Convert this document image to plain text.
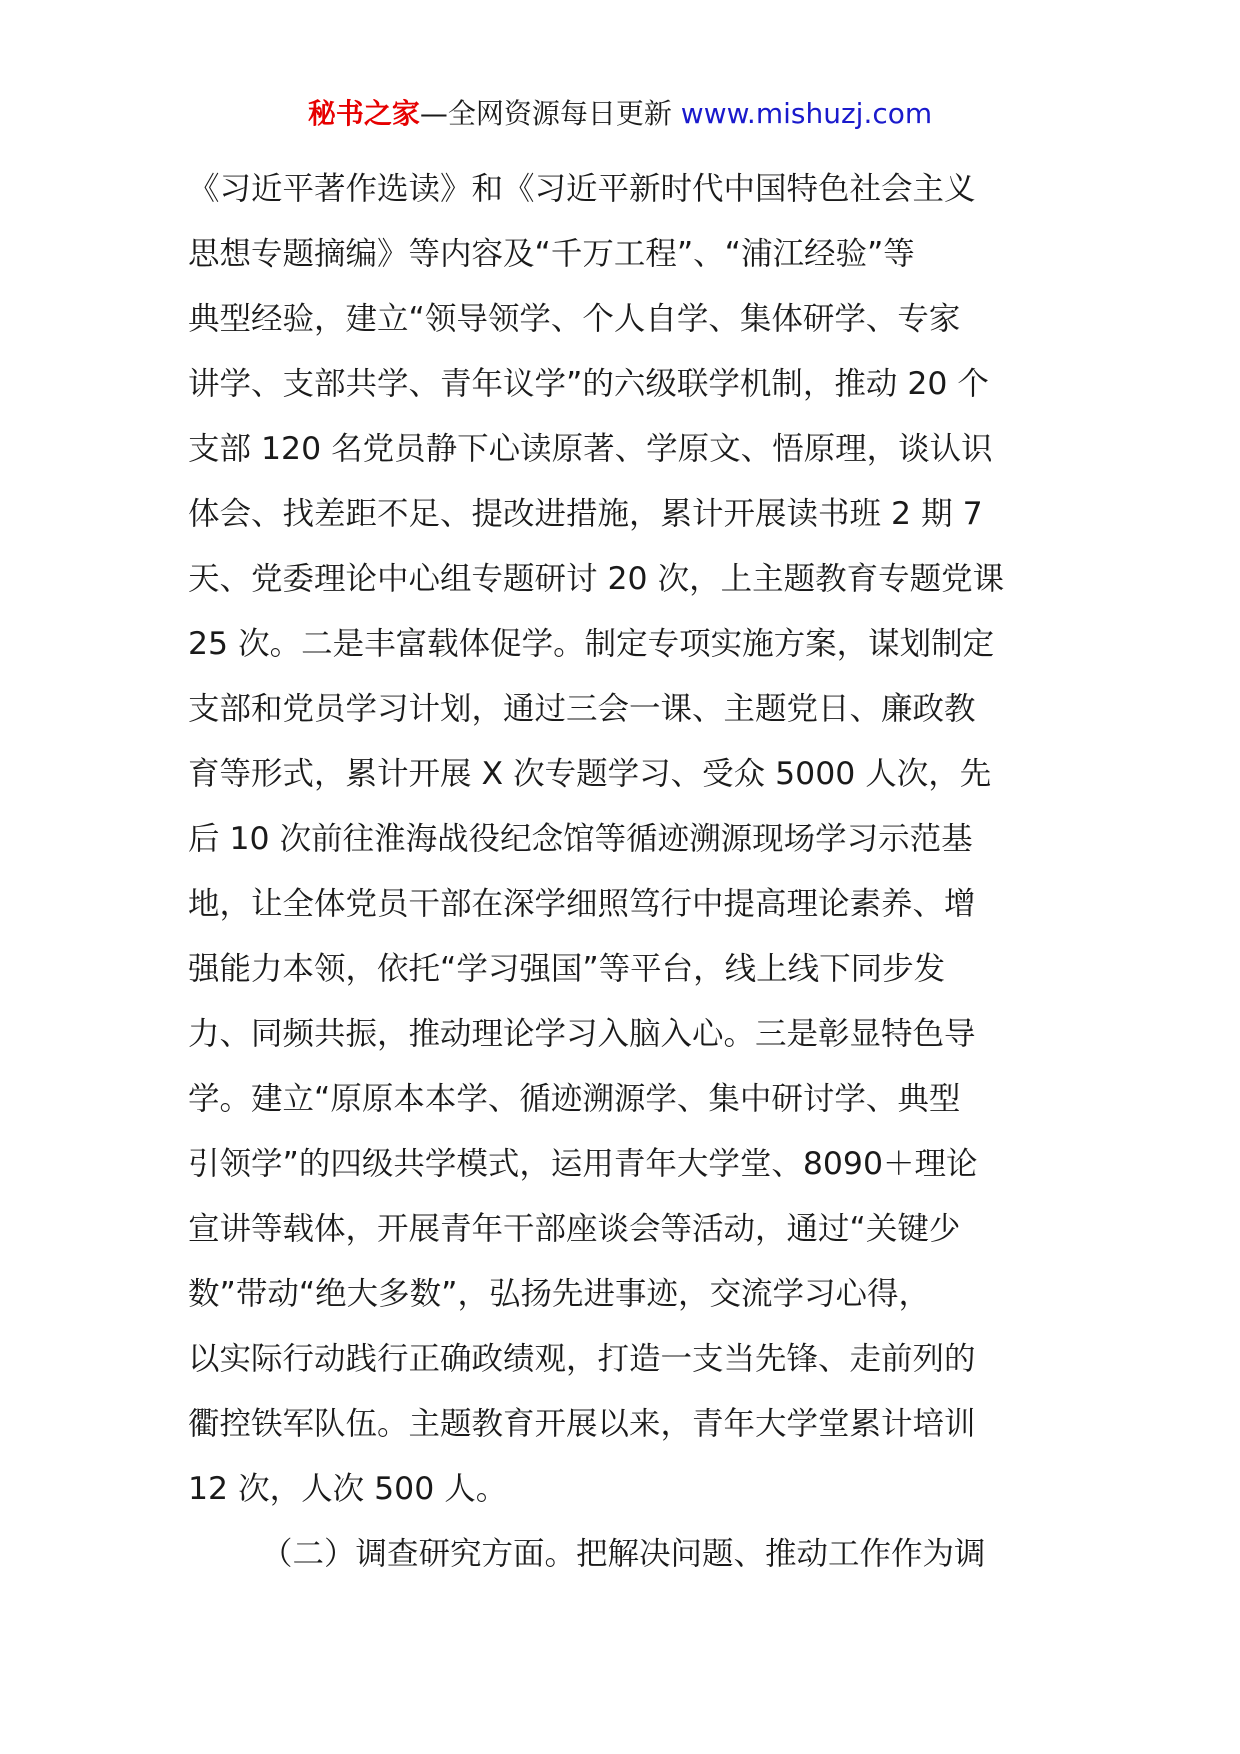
秘书之家—全网资源每日更新 www.mishuzj.com
《习近平著作选读》和《习近平新时代中国特色社会主义
思想专题摘编》等内容及“千万工程”、“浦江经验”等
典型经验，建立“领导领学、个人自学、集体研学、专家
讲学、支部共学、青年议学”的六级联学机制，推动 20 个
支部 120 名党员静下心读原著、学原文、悟原理，谈认识
体会、找差距不足、提改进措施，累计开展读书班 2 期 7
天、党委理论中心组专题研讨 20 次，上主题教育专题党课
25 次。二是丰富载体促学。制定专项实施方案，谋划制定
支部和党员学习计划，通过三会一课、主题党日、廉政教
育等形式，累计开展 X 次专题学习、受众 5000 人次，先
后 10 次前往淮海战役纪念馆等循迹溯源现场学习示范基
地，让全体党员干部在深学细照笃行中提高理论素养、增
强能力本领，依托“学习强国”等平台，线上线下同步发
力、同频共振，推动理论学习入脑入心。三是彰显特色导
学。建立“原原本本学、循迹溯源学、集中研讨学、典型
引领学”的四级共学模式，运用青年大学堂、8090＋理论
宣讲等载体，开展青年干部座谈会等活动，通过“关键少
数”带动“绝大多数”，弘扬先进事迹，交流学习心得，
以实际行动践行正确政绩观，打造一支当先锋、走前列的
衢控铁军队伍。主题教育开展以来，青年大学堂累计培训
12 次，人次 500 人。
（二）调查研究方面。把解决问题、推动工作作为调
